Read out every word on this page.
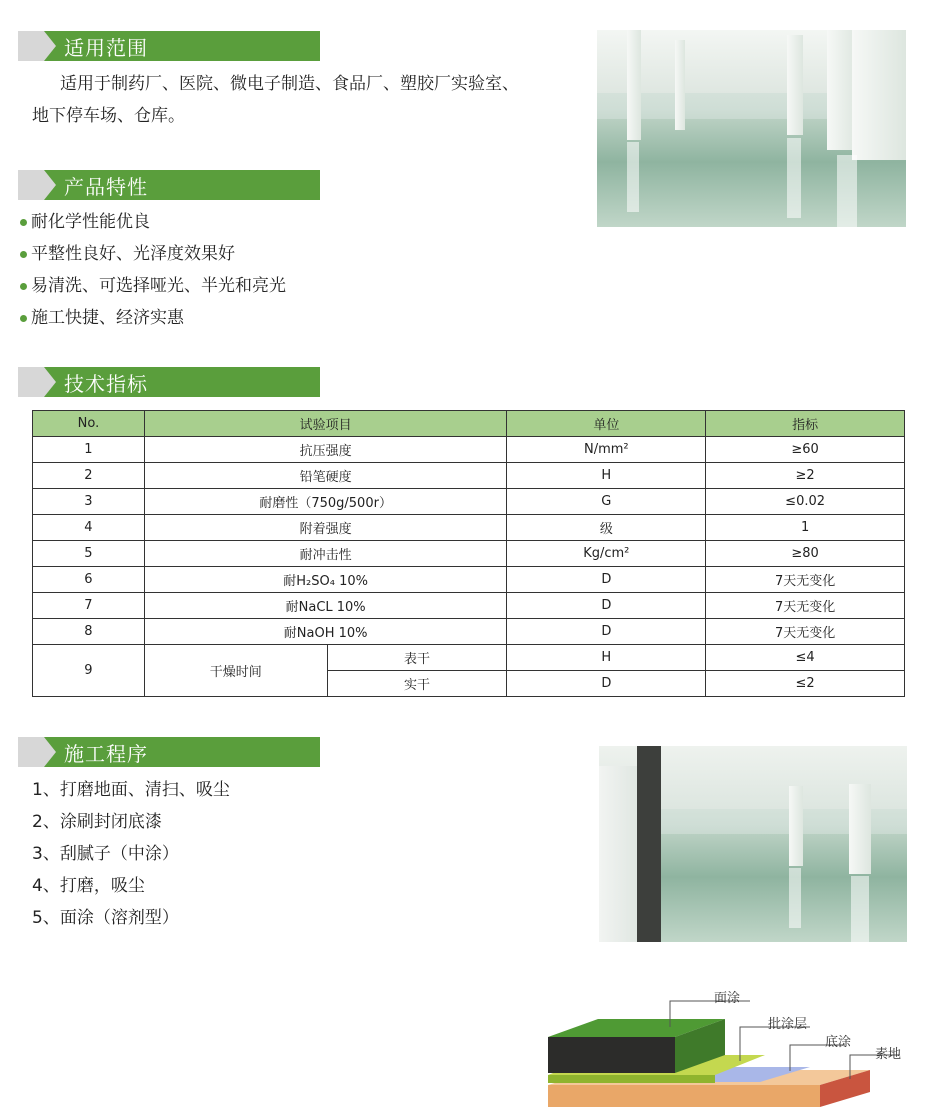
适用范围
适用于制药厂、医院、微电子制造、食品厂、塑胶厂实验室、
地下停车场、仓库。
产品特性
耐化学性能优良
平整性良好、光泽度效果好
易清洗、可选择哑光、半光和亮光
施工快捷、经济实惠
技术指标
No.	试验项目		单位	指标
1	抗压强度		N/mm²	≥60
2	铅笔硬度		H	≥2
3	耐磨性（750g/500r）		G	≤0.02
4	附着强度		级	1
5	耐冲击性		Kg/cm²	≥80
6	耐H₂SO₄ 10%		D	7天无变化
7	耐NaCL 10%		D	7天无变化
8	耐NaOH 10%		D	7天无变化
9	干燥时间	表干	H	≤4
		实干	D	≤2
施工程序
1、打磨地面、清扫、吸尘
2、涂刷封闭底漆
3、刮腻子（中涂）
4、打磨，吸尘
5、面涂（溶剂型）
面涂
批涂层
底涂
素地
